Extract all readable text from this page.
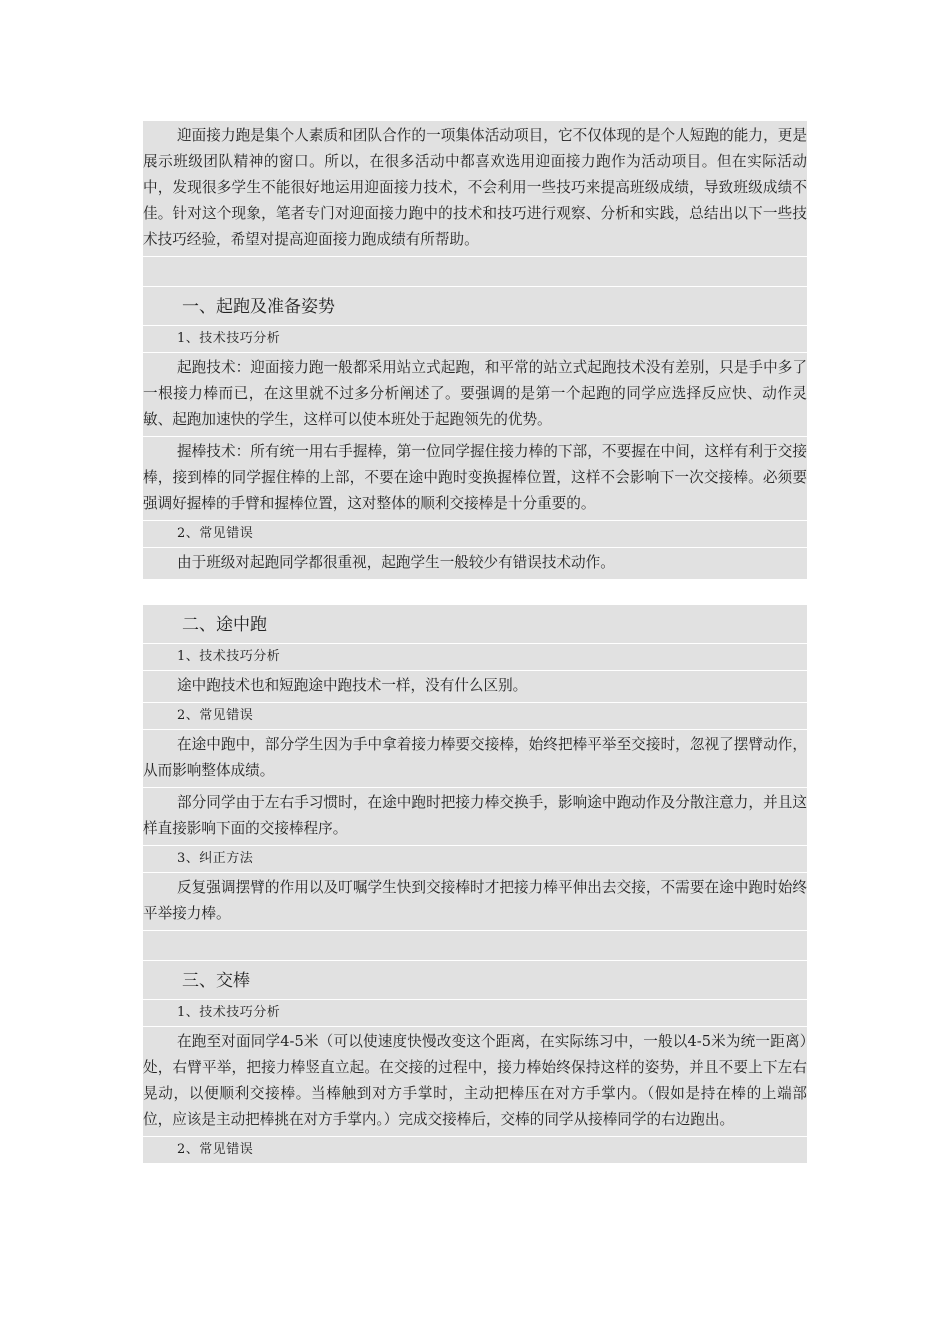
迎面接力跑是集个人素质和团队合作的一项集体活动项目，它不仅体现的是个人短跑的能力，更是展示班级团队精神的窗口。所以，在很多活动中都喜欢选用迎面接力跑作为活动项目。但在实际活动中，发现很多学生不能很好地运用迎面接力技术，不会利用一些技巧来提高班级成绩，导致班级成绩不佳。针对这个现象，笔者专门对迎面接力跑中的技术和技巧进行观察、分析和实践，总结出以下一些技术技巧经验，希望对提高迎面接力跑成绩有所帮助。
一、起跑及准备姿势
1、技术技巧分析
起跑技术：迎面接力跑一般都采用站立式起跑，和平常的站立式起跑技术没有差别，只是手中多了一根接力棒而已，在这里就不过多分析阐述了。要强调的是第一个起跑的同学应选择反应快、动作灵敏、起跑加速快的学生，这样可以使本班处于起跑领先的优势。
握棒技术：所有统一用右手握棒，第一位同学握住接力棒的下部，不要握在中间，这样有利于交接棒，接到棒的同学握住棒的上部，不要在途中跑时变换握棒位置，这样不会影响下一次交接棒。必须要强调好握棒的手臂和握棒位置，这对整体的顺利交接棒是十分重要的。
2、常见错误
由于班级对起跑同学都很重视，起跑学生一般较少有错误技术动作。
二、途中跑
1、技术技巧分析
途中跑技术也和短跑途中跑技术一样，没有什么区别。
2、常见错误
在途中跑中，部分学生因为手中拿着接力棒要交接棒，始终把棒平举至交接时，忽视了摆臂动作，从而影响整体成绩。
部分同学由于左右手习惯时，在途中跑时把接力棒交换手，影响途中跑动作及分散注意力，并且这样直接影响下面的交接棒程序。
3、纠正方法
反复强调摆臂的作用以及叮嘱学生快到交接棒时才把接力棒平伸出去交接，不需要在途中跑时始终平举接力棒。
三、交棒
1、技术技巧分析
在跑至对面同学4-5米（可以使速度快慢改变这个距离，在实际练习中，一般以4-5米为统一距离）处，右臂平举，把接力棒竖直立起。在交接的过程中，接力棒始终保持这样的姿势，并且不要上下左右晃动，以便顺利交接棒。当棒触到对方手掌时，主动把棒压在对方手掌内。（假如是持在棒的上端部位，应该是主动把棒挑在对方手掌内。）完成交接棒后，交棒的同学从接棒同学的右边跑出。
2、常见错误
